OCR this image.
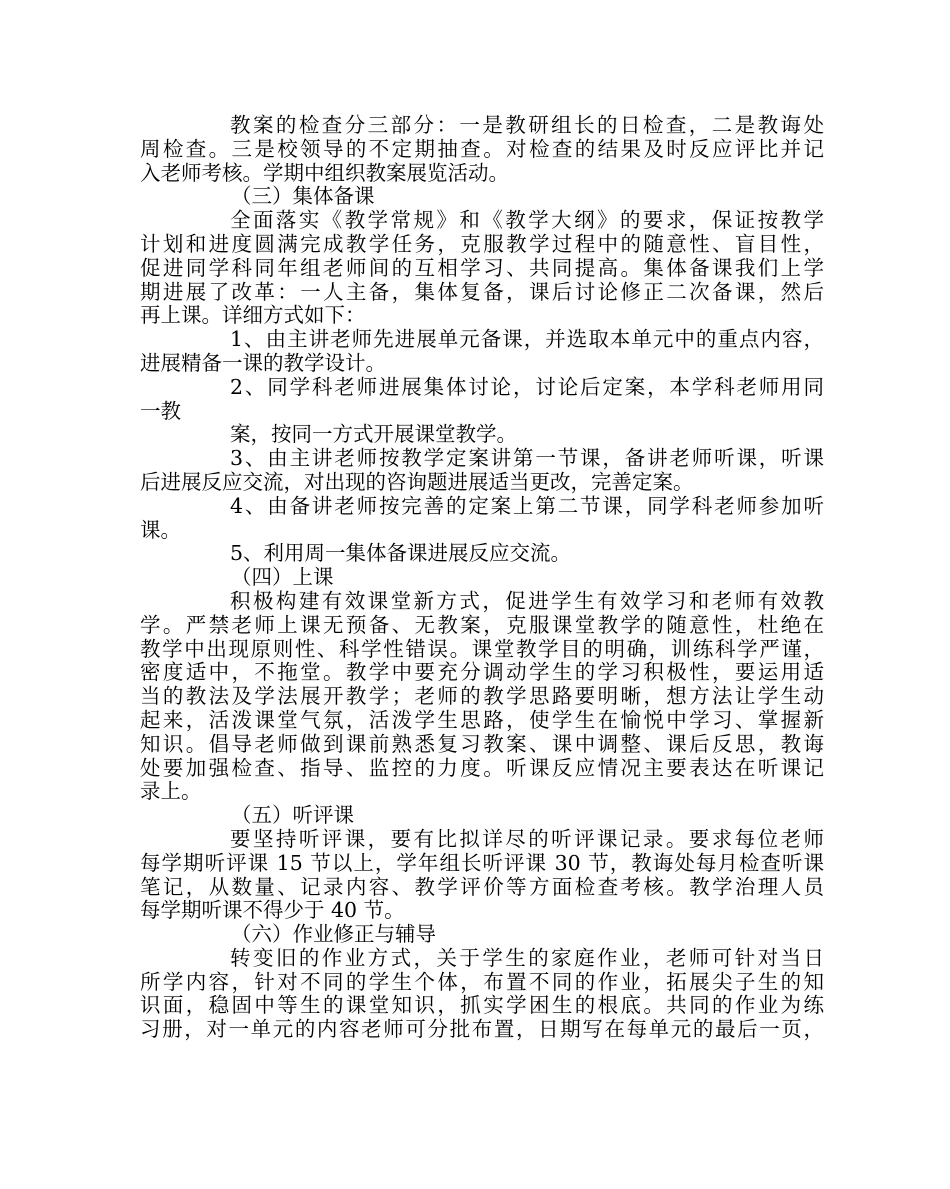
教案的检查分三部分：一是教研组长的日检查，二是教诲处
周检查。三是校领导的不定期抽查。对检查的结果及时反应评比并记
入老师考核。学期中组织教案展览活动。
（三）集体备课
全面落实《教学常规》和《教学大纲》的要求，保证按教学
计划和进度圆满完成教学任务，克服教学过程中的随意性、盲目性，
促进同学科同年组老师间的互相学习、共同提高。集体备课我们上学
期进展了改革：一人主备，集体复备，课后讨论修正二次备课，然后
再上课。详细方式如下：
1、由主讲老师先进展单元备课，并选取本单元中的重点内容，
进展精备一课的教学设计。
2、同学科老师进展集体讨论，讨论后定案，本学科老师用同
一教
案，按同一方式开展课堂教学。
3、由主讲老师按教学定案讲第一节课，备讲老师听课，听课
后进展反应交流，对出现的咨询题进展适当更改，完善定案。
4、由备讲老师按完善的定案上第二节课，同学科老师参加听
课。
5、利用周一集体备课进展反应交流。
（四）上课
积极构建有效课堂新方式，促进学生有效学习和老师有效教
学。严禁老师上课无预备、无教案，克服课堂教学的随意性，杜绝在
教学中出现原则性、科学性错误。课堂教学目的明确，训练科学严谨，
密度适中，不拖堂。教学中要充分调动学生的学习积极性，要运用适
当的教法及学法展开教学；老师的教学思路要明晰，想方法让学生动
起来，活泼课堂气氛，活泼学生思路，使学生在愉悦中学习、掌握新
知识。倡导老师做到课前熟悉复习教案、课中调整、课后反思，教诲
处要加强检查、指导、监控的力度。听课反应情况主要表达在听课记
录上。
（五）听评课
要坚持听评课，要有比拟详尽的听评课记录。要求每位老师
每学期听评课 15 节以上，学年组长听评课 30 节，教诲处每月检查听课
笔记，从数量、记录内容、教学评价等方面检查考核。教学治理人员
每学期听课不得少于 40 节。
（六）作业修正与辅导
转变旧的作业方式，关于学生的家庭作业，老师可针对当日
所学内容，针对不同的学生个体，布置不同的作业，拓展尖子生的知
识面，稳固中等生的课堂知识，抓实学困生的根底。共同的作业为练
习册，对一单元的内容老师可分批布置，日期写在每单元的最后一页，
